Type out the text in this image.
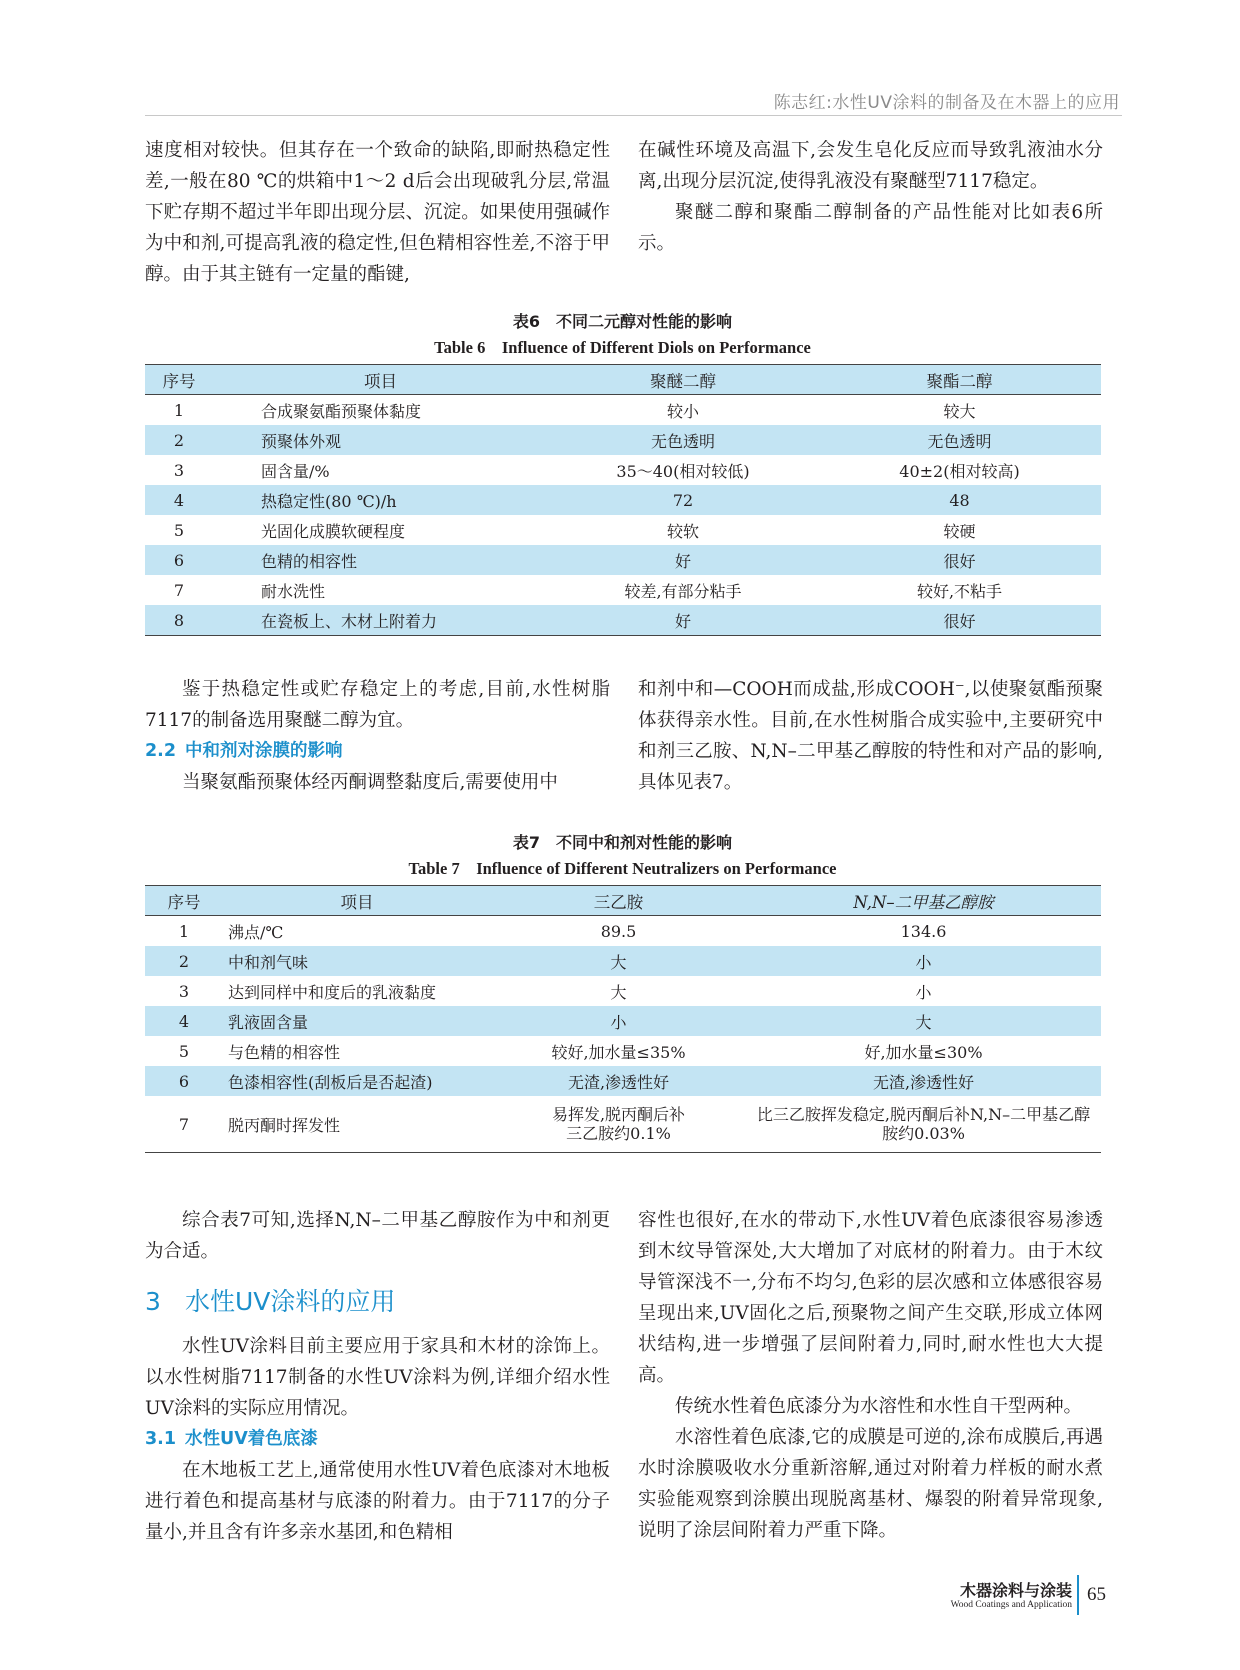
陈志红:水性UV涂料的制备及在木器上的应用

速度相对较快。但其存在一个致命的缺陷,即耐热稳定性差,一般在80 ℃的烘箱中1～2 d后会出现破乳分层,常温下贮存期不超过半年即出现分层、沉淀。如果使用强碱作为中和剂,可提高乳液的稳定性,但色精相容性差,不溶于甲醇。由于其主链有一定量的酯键,

在碱性环境及高温下,会发生皂化反应而导致乳液油水分离,出现分层沉淀,使得乳液没有聚醚型7117稳定。

聚醚二醇和聚酯二醇制备的产品性能对比如表6所示。

表6　不同二元醇对性能的影响
Table 6　Influence of Different Diols on Performance
序号	项目	聚醚二醇	聚酯二醇
1	合成聚氨酯预聚体黏度	较小	较大
2	预聚体外观	无色透明	无色透明
3	固含量/%	35～40(相对较低)	40±2(相对较高)
4	热稳定性(80 ℃)/h	72	48
5	光固化成膜软硬程度	较软	较硬
6	色精的相容性	好	很好
7	耐水洗性	较差,有部分粘手	较好,不粘手
8	在瓷板上、木材上附着力	好	很好

鉴于热稳定性或贮存稳定上的考虑,目前,水性树脂7117的制备选用聚醚二醇为宜。

2.2 中和剂对涂膜的影响

当聚氨酯预聚体经丙酮调整黏度后,需要使用中

和剂中和—COOH而成盐,形成COOH⁻,以使聚氨酯预聚体获得亲水性。目前,在水性树脂合成实验中,主要研究中和剂三乙胺、N,N–二甲基乙醇胺的特性和对产品的影响,具体见表7。

表7　不同中和剂对性能的影响
Table 7　Influence of Different Neutralizers on Performance
序号	项目	三乙胺	N,N–二甲基乙醇胺
1	沸点/℃	89.5	134.6
2	中和剂气味	大	小
3	达到同样中和度后的乳液黏度	大	小
4	乳液固含量	小	大
5	与色精的相容性	较好,加水量≤35%	好,加水量≤30%
6	色漆相容性(刮板后是否起渣)	无渣,渗透性好	无渣,渗透性好
7	脱丙酮时挥发性	易挥发,脱丙酮后补三乙胺约0.1%	比三乙胺挥发稳定,脱丙酮后补N,N–二甲基乙醇胺约0.03%

综合表7可知,选择N,N–二甲基乙醇胺作为中和剂更为合适。

3 水性UV涂料的应用

水性UV涂料目前主要应用于家具和木材的涂饰上。以水性树脂7117制备的水性UV涂料为例,详细介绍水性UV涂料的实际应用情况。

3.1 水性UV着色底漆

在木地板工艺上,通常使用水性UV着色底漆对木地板进行着色和提高基材与底漆的附着力。由于7117的分子量小,并且含有许多亲水基团,和色精相

容性也很好,在水的带动下,水性UV着色底漆很容易渗透到木纹导管深处,大大增加了对底材的附着力。由于木纹导管深浅不一,分布不均匀,色彩的层次感和立体感很容易呈现出来,UV固化之后,预聚物之间产生交联,形成立体网状结构,进一步增强了层间附着力,同时,耐水性也大大提高。

传统水性着色底漆分为水溶性和水性自干型两种。

水溶性着色底漆,它的成膜是可逆的,涂布成膜后,再遇水时涂膜吸收水分重新溶解,通过对附着力样板的耐水煮实验能观察到涂膜出现脱离基材、爆裂的附着异常现象,说明了涂层间附着力严重下降。

木器涂料与涂装
Wood Coatings and Application 65
